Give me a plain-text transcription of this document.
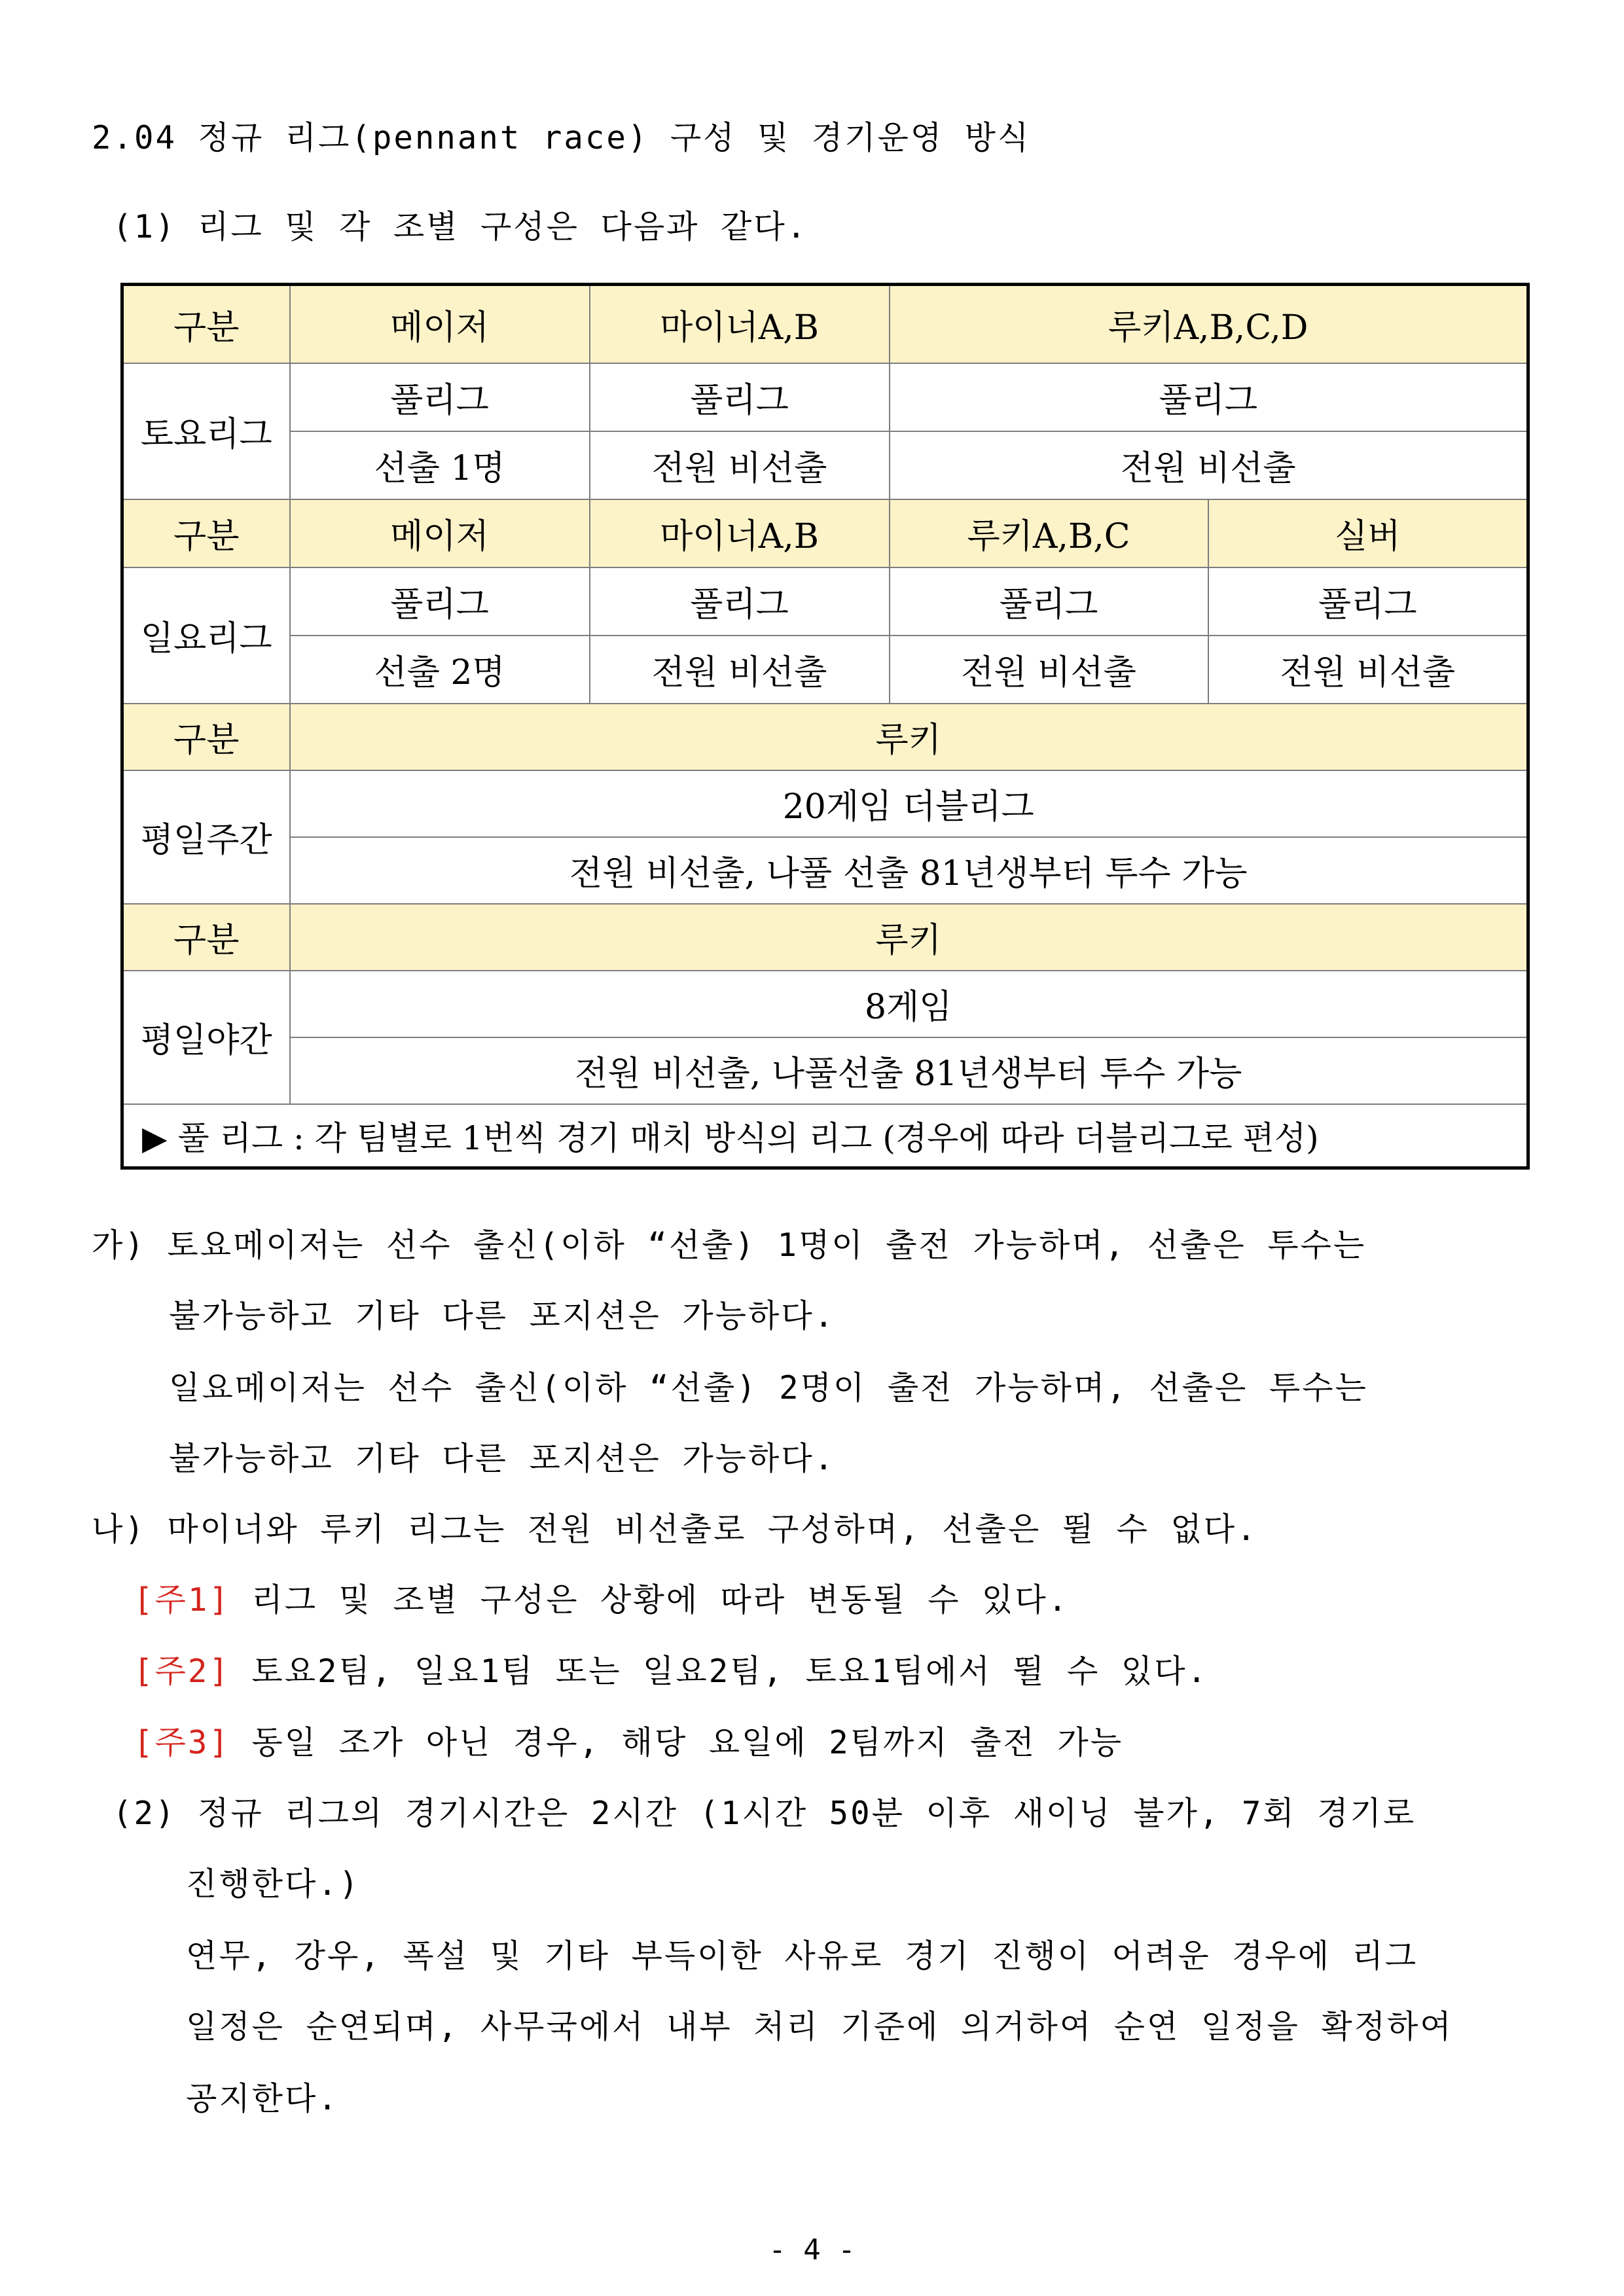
2.04 정규 리그(pennant race) 구성 및 경기운영 방식
(1) 리그 및 각 조별 구성은 다음과 같다.
구분	메이저	마이너A,B	루키A,B,C,D	
토요리그	풀리그	풀리그	풀리그	
	선출 1명	전원 비선출	전원 비선출	
구분	메이저	마이너A,B	루키A,B,C	실버
일요리그	풀리그	풀리그	풀리그	풀리그
	선출 2명	전원 비선출	전원 비선출	전원 비선출
구분	루키			
평일주간	20게임 더블리그			
	전원 비선출, 나풀 선출 81년생부터 투수 가능			
구분	루키			
평일야간	8게임			
	전원 비선출, 나풀선출 81년생부터 투수 가능			
▶ 풀 리그 : 각 팀별로 1번씩 경기 매치 방식의 리그 (경우에 따라 더블리그로 편성)				
가) 토요메이저는 선수 출신(이하 “선출) 1명이 출전 가능하며, 선출은 투수는
불가능하고 기타 다른 포지션은 가능하다.
일요메이저는 선수 출신(이하 “선출) 2명이 출전 가능하며, 선출은 투수는
불가능하고 기타 다른 포지션은 가능하다.
나) 마이너와 루키 리그는 전원 비선출로 구성하며, 선출은 뛸 수 없다.
[주1] 리그 및 조별 구성은 상황에 따라 변동될 수 있다.
[주2] 토요2팀, 일요1팀 또는 일요2팀, 토요1팀에서 뛸 수 있다.
[주3] 동일 조가 아닌 경우, 해당 요일에 2팀까지 출전 가능
(2) 정규 리그의 경기시간은 2시간 (1시간 50분 이후 새이닝 불가, 7회 경기로
진행한다.)
연무, 강우, 폭설 및 기타 부득이한 사유로 경기 진행이 어려운 경우에 리그
일정은 순연되며, 사무국에서 내부 처리 기준에 의거하여 순연 일정을 확정하여
공지한다.
- 4 -
